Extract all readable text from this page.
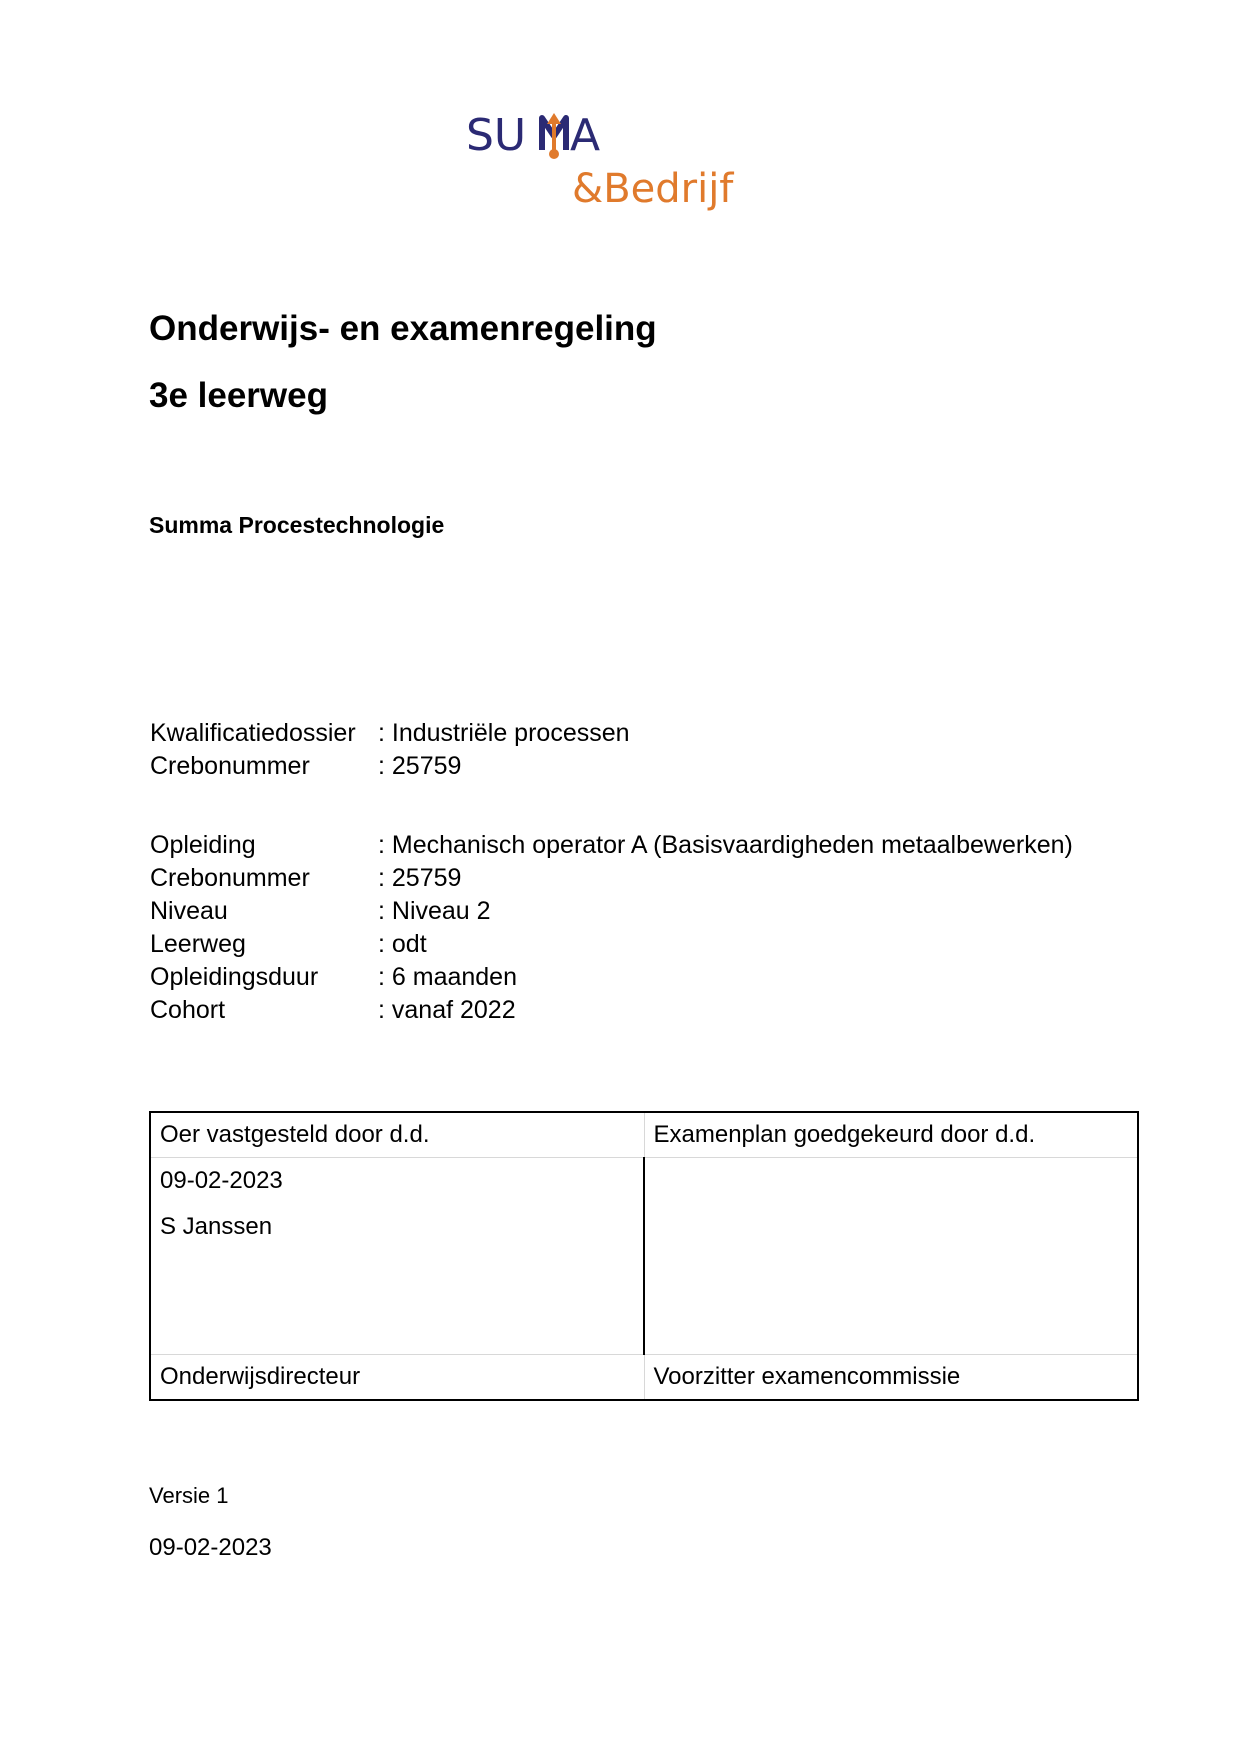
SU A
&Bedrijf
Onderwijs- en examenregeling
3e leerweg
Summa Procestechnologie
Kwalificatiedossier : Industriële processen
Crebonummer	: 25759
Opleiding	: Mechanisch operator A (Basisvaardigheden metaalbewerken)
Crebonummer	: 25759
Niveau	: Niveau 2
Leerweg	: odt
Opleidingsduur	: 6 maanden
Cohort	: vanaf 2022
Oer vastgesteld door d.d.	Examenplan goedgekeurd door d.d.

09-02-2023

S Janssen	

Onderwijsdirecteur	Voorzitter examencommissie
Versie 1
09-02-2023
